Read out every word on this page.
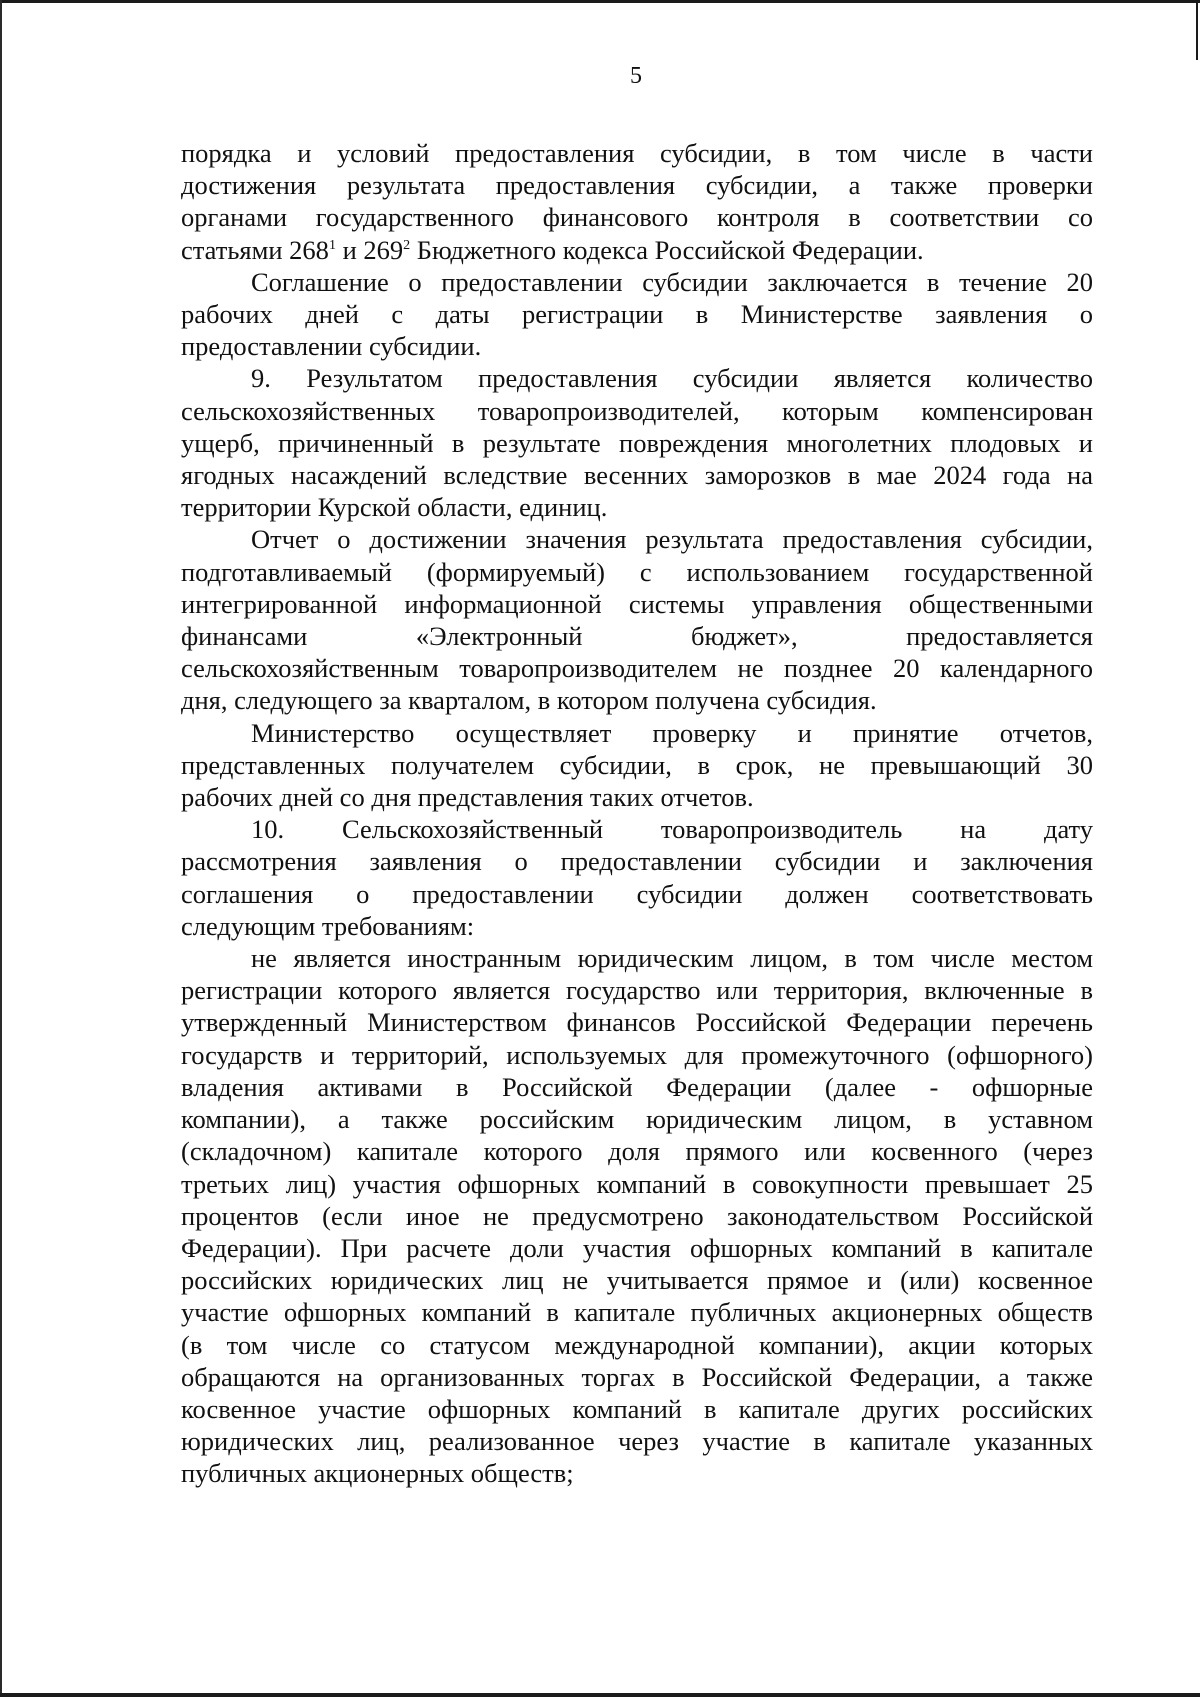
5
порядка и условий предоставления субсидии, в том числе в части
достижения результата предоставления субсидии, а также проверки
органами государственного финансового контроля в соответствии со
статьями $268^1$ и $269^2$ Бюджетного кодекса Российской Федерации.
Соглашение о предоставлении субсидии заключается в течение 20
рабочих дней с даты регистрации в Министерстве заявления о
предоставлении субсидии.
9. Результатом предоставления субсидии является количество
сельскохозяйственных товаропроизводителей, которым компенсирован
ущерб, причиненный в результате повреждения многолетних плодовых и
ягодных насаждений вследствие весенних заморозков в мае 2024 года на
территории Курской области, единиц.
Отчет о достижении значения результата предоставления субсидии,
подготавливаемый (формируемый) с использованием государственной
интегрированной информационной системы управления общественными
финансами «Электронный бюджет», предоставляется
сельскохозяйственным товаропроизводителем не позднее 20 календарного
дня, следующего за кварталом, в котором получена субсидия.
Министерство осуществляет проверку и принятие отчетов,
представленных получателем субсидии, в срок, не превышающий 30
рабочих дней со дня представления таких отчетов.
10. Сельскохозяйственный товаропроизводитель на дату
рассмотрения заявления о предоставлении субсидии и заключения
соглашения о предоставлении субсидии должен соответствовать
следующим требованиям:
не является иностранным юридическим лицом, в том числе местом
регистрации которого является государство или территория, включенные в
утвержденный Министерством финансов Российской Федерации перечень
государств и территорий, используемых для промежуточного (офшорного)
владения активами в Российской Федерации (далее - офшорные
компании), а также российским юридическим лицом, в уставном
(складочном) капитале которого доля прямого или косвенного (через
третьих лиц) участия офшорных компаний в совокупности превышает 25
процентов (если иное не предусмотрено законодательством Российской
Федерации). При расчете доли участия офшорных компаний в капитале
российских юридических лиц не учитывается прямое и (или) косвенное
участие офшорных компаний в капитале публичных акционерных обществ
(в том числе со статусом международной компании), акции которых
обращаются на организованных торгах в Российской Федерации, а также
косвенное участие офшорных компаний в капитале других российских
юридических лиц, реализованное через участие в капитале указанных
публичных акционерных обществ;
